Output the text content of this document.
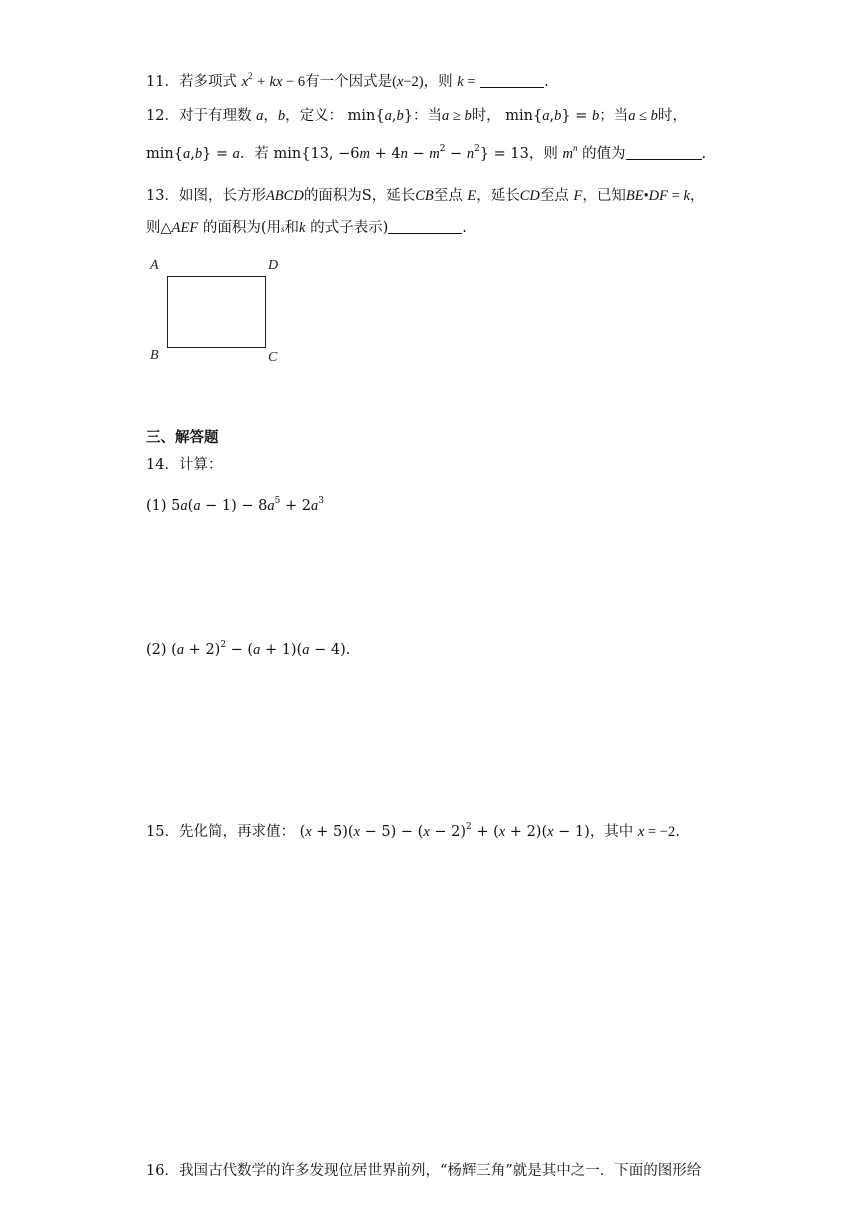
11．若多项式 $x^2$ + kx − 6有一个因式是(x−2)，则 k =	.
12．对于有理数 a，b，定义： min{a,b}：当a ≥ b时， min{a,b} = b；当a ≤ b时，
min{a,b} = a．若 min{13, $-6m + 4n - m^2 - n^2\} = 13$，则 $m^n$ 的值为	.
13．如图，长方形ABCD的面积为S，延长CB至点 E，延长CD至点 F，已知BE•DF = k，
则△AEF 的面积为(用s和k 的式子表示)	.
A	D
B	C
三、解答题
14．计算：
(1) $5a(a - 1) - 8a^5 + 2a^3$
(2) $(a + 2)^2 - (a + 1)(a - 4)$.
15．先化简，再求值： $(x + 5)(x - 5) - (x - 2)^2 + (x + 2)(x - 1)$，其中 x = −2.
16．我国古代数学的许多发现位居世界前列，“杨辉三角”就是其中之一．下面的图形给
